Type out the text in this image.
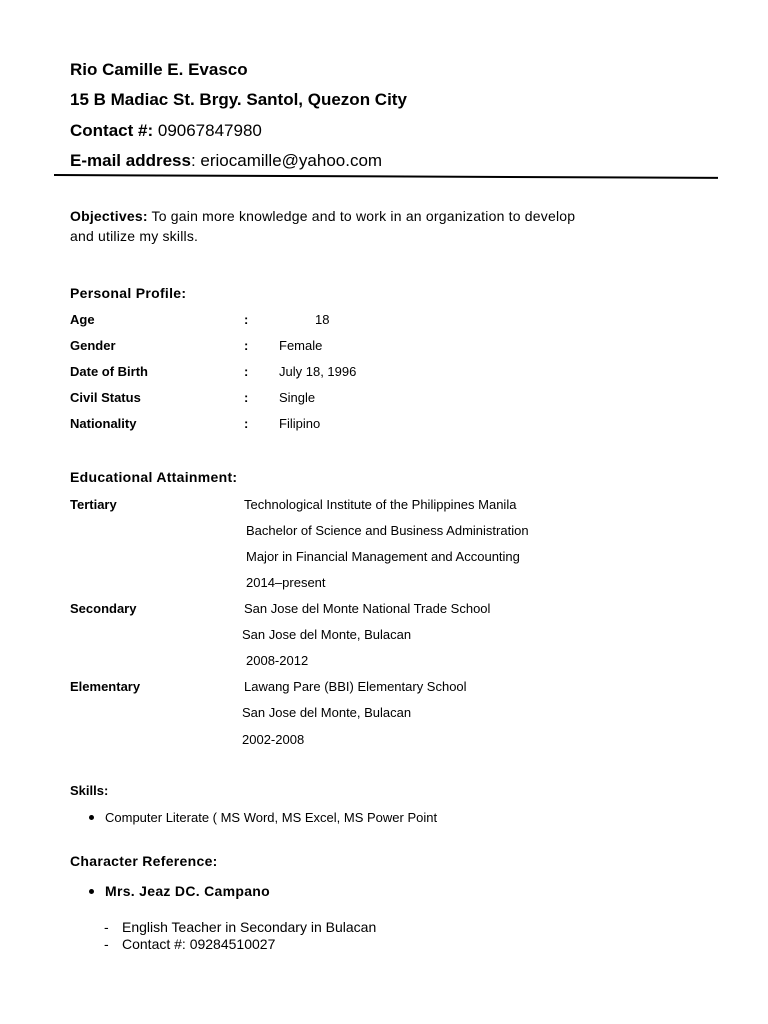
Rio Camille E. Evasco
15 B Madiac St. Brgy. Santol, Quezon City
Contact #: 09067847980
E-mail address: eriocamille@yahoo.com
Objectives: To gain more knowledge and to work in an organization to develop
and utilize my skills.
Personal Profile:
Age	:	18
Gender	: Female
Date of Birth	: July 18, 1996
Civil Status	: Single
Nationality	: Filipino
Educational Attainment:
Tertiary	Technological Institute of the Philippines Manila
Bachelor of Science and Business Administration
Major in Financial Management and Accounting
2014–present
Secondary	San Jose del Monte National Trade School
San Jose del Monte, Bulacan
2008-2012
Elementary	Lawang Pare (BBI) Elementary School
San Jose del Monte, Bulacan
2002-2008
Skills:
Computer Literate ( MS Word, MS Excel, MS Power Point
Character Reference:
Mrs. Jeaz DC. Campano
- English Teacher in Secondary in Bulacan
- Contact #: 09284510027
